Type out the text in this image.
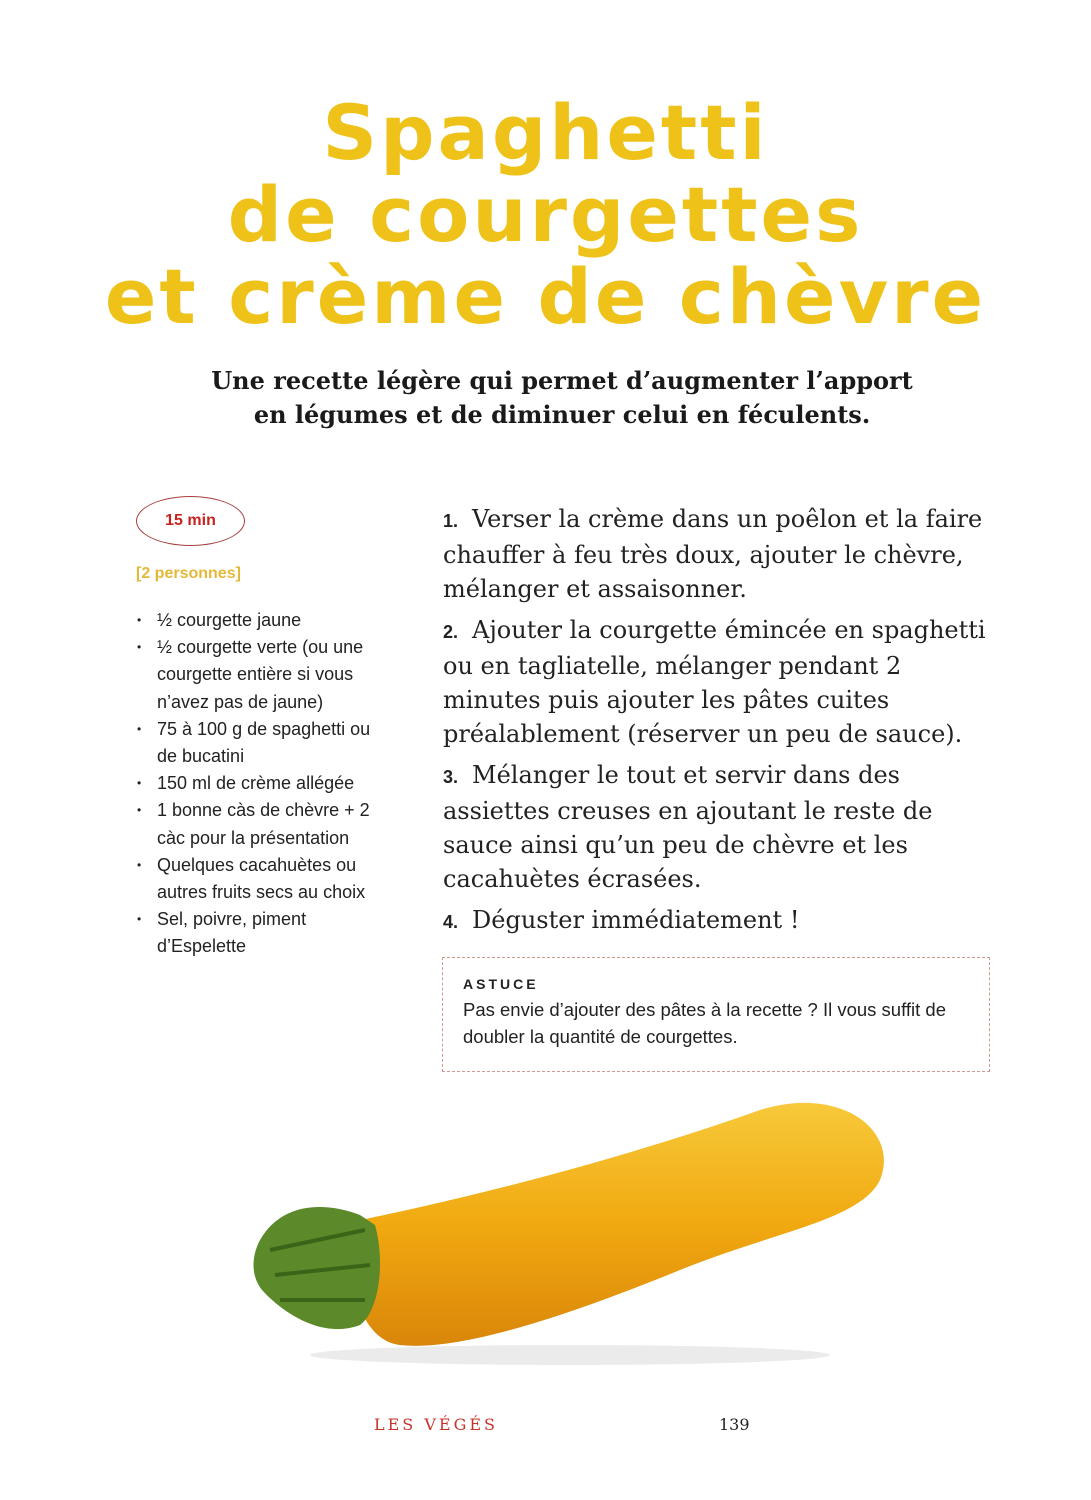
Spaghetti
de courgettes
et crème de chèvre
Une recette légère qui permet d’augmenter l’apport
en légumes et de diminuer celui en féculents.
15 min
[2 personnes]
• ½ courgette jaune
• ½ courgette verte (ou une courgette entière si vous n’avez pas de jaune)
• 75 à 100 g de spaghetti ou de bucatini
• 150 ml de crème allégée
• 1 bonne càs de chèvre + 2 càc pour la présentation
• Quelques cacahuètes ou autres fruits secs au choix
• Sel, poivre, piment d’Espelette
1. Verser la crème dans un poêlon et la faire chauffer à feu très doux, ajouter le chèvre, mélanger et assaisonner.
2. Ajouter la courgette émincée en spaghetti ou en tagliatelle, mélanger pendant 2 minutes puis ajouter les pâtes cuites préalablement (réserver un peu de sauce).
3. Mélanger le tout et servir dans des assiettes creuses en ajoutant le reste de sauce ainsi qu’un peu de chèvre et les cacahuètes écrasées.
4. Déguster immédiatement !
ASTUCE

Pas envie d’ajouter des pâtes à la recette ? Il vous suffit de doubler la quantité de courgettes.

LES VÉGÉS	139
